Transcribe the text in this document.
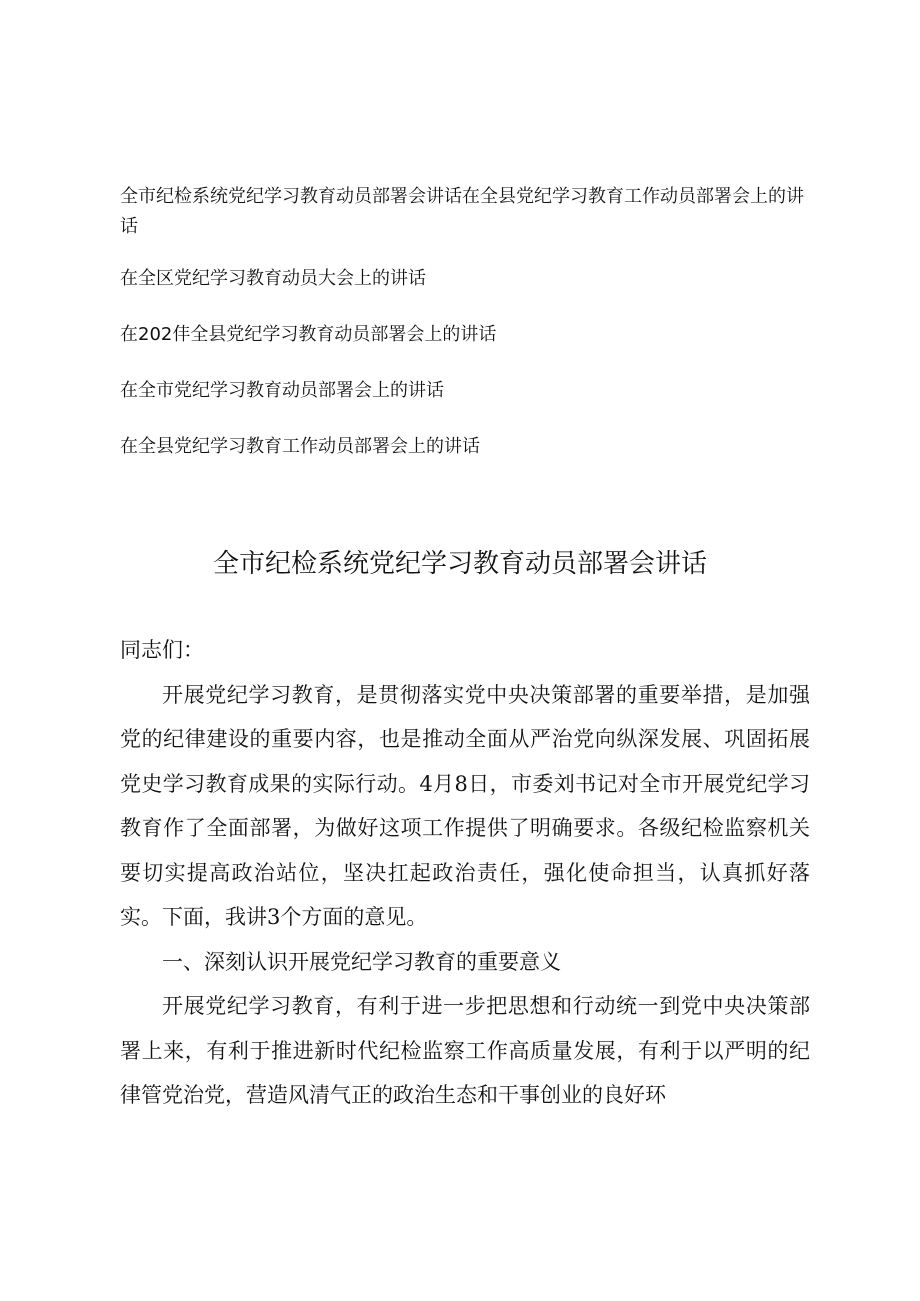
全市纪检系统党纪学习教育动员部署会讲话在全县党纪学习教育工作动员部署会上的讲话
在全区党纪学习教育动员大会上的讲话
在202仹全县党纪学习教育动员部署会上的讲话
在全市党纪学习教育动员部署会上的讲话
在全县党纪学习教育工作动员部署会上的讲话
全市纪检系统党纪学习教育动员部署会讲话

同志们：

开展党纪学习教育，是贯彻落实党中央决策部署的重要举措，是加强党的纪律建设的重要内容，也是推动全面从严治党向纵深发展、巩固拓展党史学习教育成果的实际行动。4月8日，市委刘书记对全市开展党纪学习教育作了全面部署，为做好这项工作提供了明确要求。各级纪检监察机关要切实提高政治站位，坚决扛起政治责任，强化使命担当，认真抓好落实。下面，我讲3个方面的意见。

一、深刻认识开展党纪学习教育的重要意义

开展党纪学习教育，有利于进一步把思想和行动统一到党中央决策部署上来，有利于推进新时代纪检监察工作高质量发展，有利于以严明的纪律管党治党，营造风清气正的政治生态和干事创业的良好环
